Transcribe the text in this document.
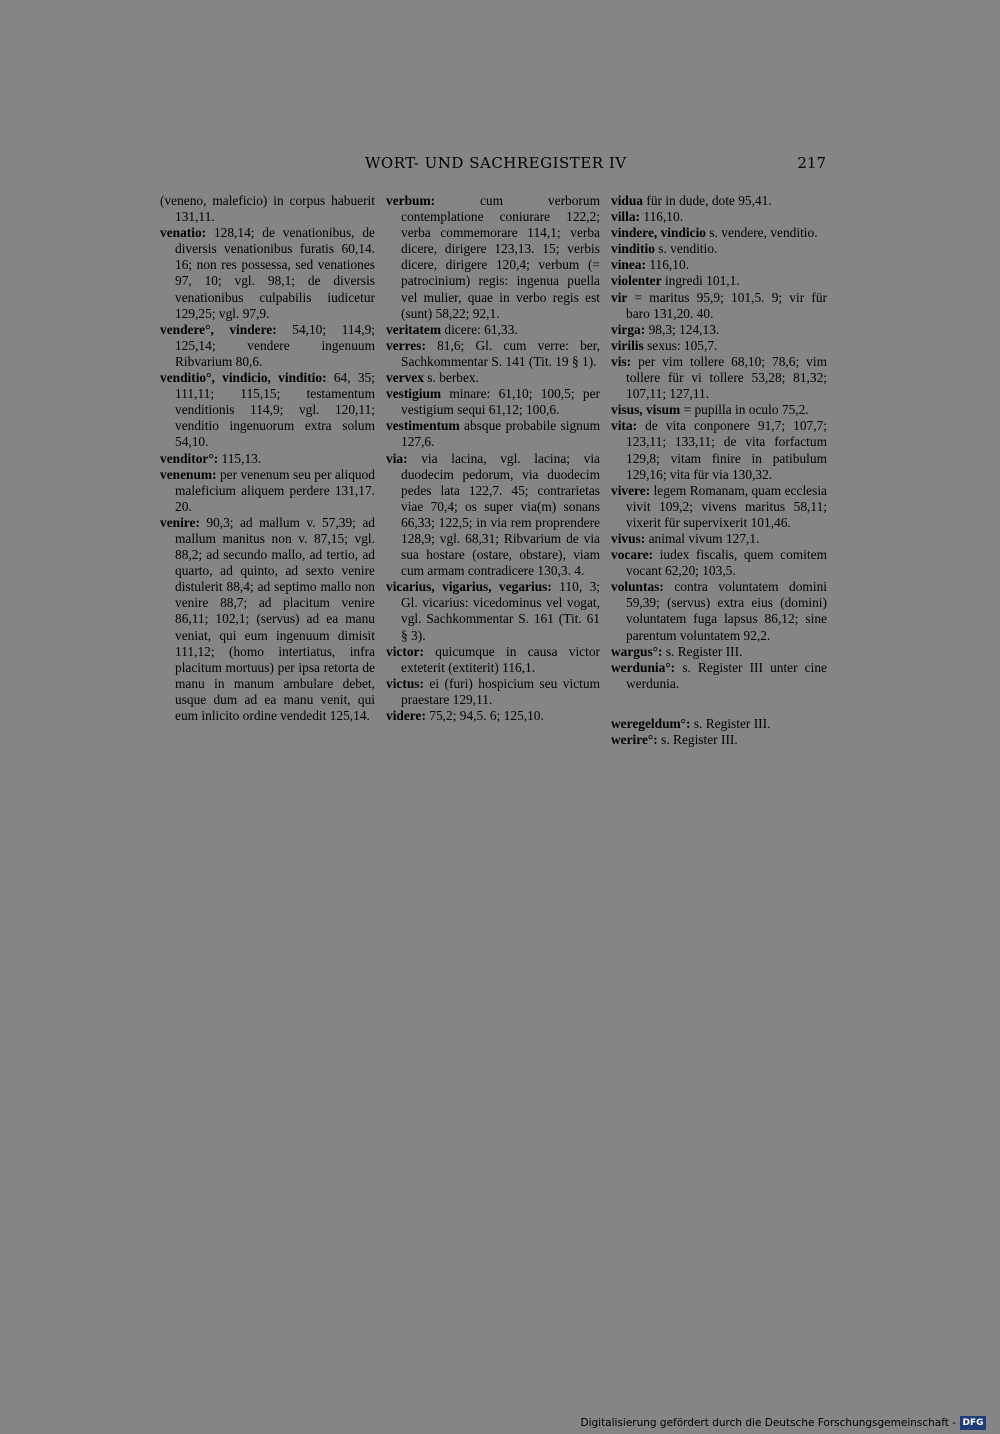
WORT- UND SACHREGISTER IV	217

(veneno, maleficio) in corpus habuerit 131,11.

venatio: 128,14; de venationibus, de diversis venationibus furatis 60,14. 16; non res possessa, sed venationes 97, 10; vgl. 98,1; de diversis venationibus culpabilis iudicetur 129,25; vgl. 97,9.

vendere°, vindere: 54,10; 114,9; 125,14; vendere ingenuum Ribvarium 80,6.

venditio°, vindicio, vinditio: 64, 35; 111,11; 115,15; testamentum venditionis 114,9; vgl. 120,11; venditio ingenuorum extra solum 54,10.

venditor°: 115,13.

venenum: per venenum seu per aliquod maleficium aliquem perdere 131,17. 20.

venire: 90,3; ad mallum v. 57,39; ad mallum manitus non v. 87,15; vgl. 88,2; ad secundo mallo, ad tertio, ad quarto, ad quinto, ad sexto venire distulerit 88,4; ad septimo mallo non venire 88,7; ad placitum venire 86,11; 102,1; (servus) ad ea manu veniat, qui eum ingenuum dimisit 111,12; (homo intertiatus, infra placitum mortuus) per ipsa retorta de manu in manum ambulare debet, usque dum ad ea manu venit, qui eum inlicito ordine vendedit 125,14.

verbum:	cum verborum contemplatione coniurare 122,2; verba commemorare 114,1; verba dicere, dirigere 123,13. 15; verbis dicere, dirigere 120,4; verbum (= patrocinium) regis: ingenua puella vel mulier, quae in verbo regis est (sunt) 58,22; 92,1.

veritatem dicere: 61,33.

verres: 81,6; Gl. cum verre: ber, Sachkommentar S. 141 (Tit. 19 § 1).

vervex s. berbex.

vestigium minare: 61,10; 100,5; per vestigium sequi 61,12; 100,6.

vestimentum absque probabile signum 127,6.

via: via lacina, vgl. lacina; via duodecim pedorum, via duodecim pedes lata 122,7. 45; contrarietas viae 70,4; os super via(m) sonans 66,33; 122,5; in via rem proprendere 128,9; vgl. 68,31; Ribvarium de via sua hostare (ostare, obstare), viam cum armam contradicere 130,3. 4.

vicarius, vigarius, vegarius: 110, 3; Gl. vicarius: vicedominus vel vogat, vgl. Sachkommentar S. 161 (Tit. 61 § 3).

victor: quicumque in causa victor exteterit (extiterit) 116,1.

victus: ei (furi) hospicium seu victum praestare 129,11.

videre: 75,2; 94,5. 6; 125,10.

vidua für in dude, dote 95,41.

villa: 116,10.

vindere, vindicio s. vendere, venditio.

vinditio s. venditio.

vinea: 116,10.

violenter ingredi 101,1.

vir = maritus 95,9; 101,5. 9; vir für baro 131,20. 40.

virga: 98,3; 124,13.

virilis sexus: 105,7.

vis: per vim tollere 68,10; 78,6; vim tollere für vi tollere 53,28; 81,32; 107,11; 127,11.

visus, visum = pupilla in oculo 75,2.

vita: de vita conponere 91,7; 107,7; 123,11; 133,11; de vita forfactum 129,8; vitam finire in patibulum 129,16; vita für via 130,32.

vivere: legem Romanam, quam ecclesia vivit 109,2; vivens maritus 58,11; vixerit für supervixerit 101,46.

vivus: animal vivum 127,1.

vocare: iudex fiscalis, quem comitem vocant 62,20; 103,5.

voluntas: contra voluntatem domini 59,39; (servus) extra eius (domini) voluntatem fuga lapsus 86,12; sine parentum voluntatem 92,2.

wargus°: s. Register III.

werdunia°: s. Register III unter cine werdunia.

weregeldum°: s. Register III.

werire°: s. Register III.

Digitalisierung gefördert durch die Deutsche Forschungsgemeinschaft - DFG
